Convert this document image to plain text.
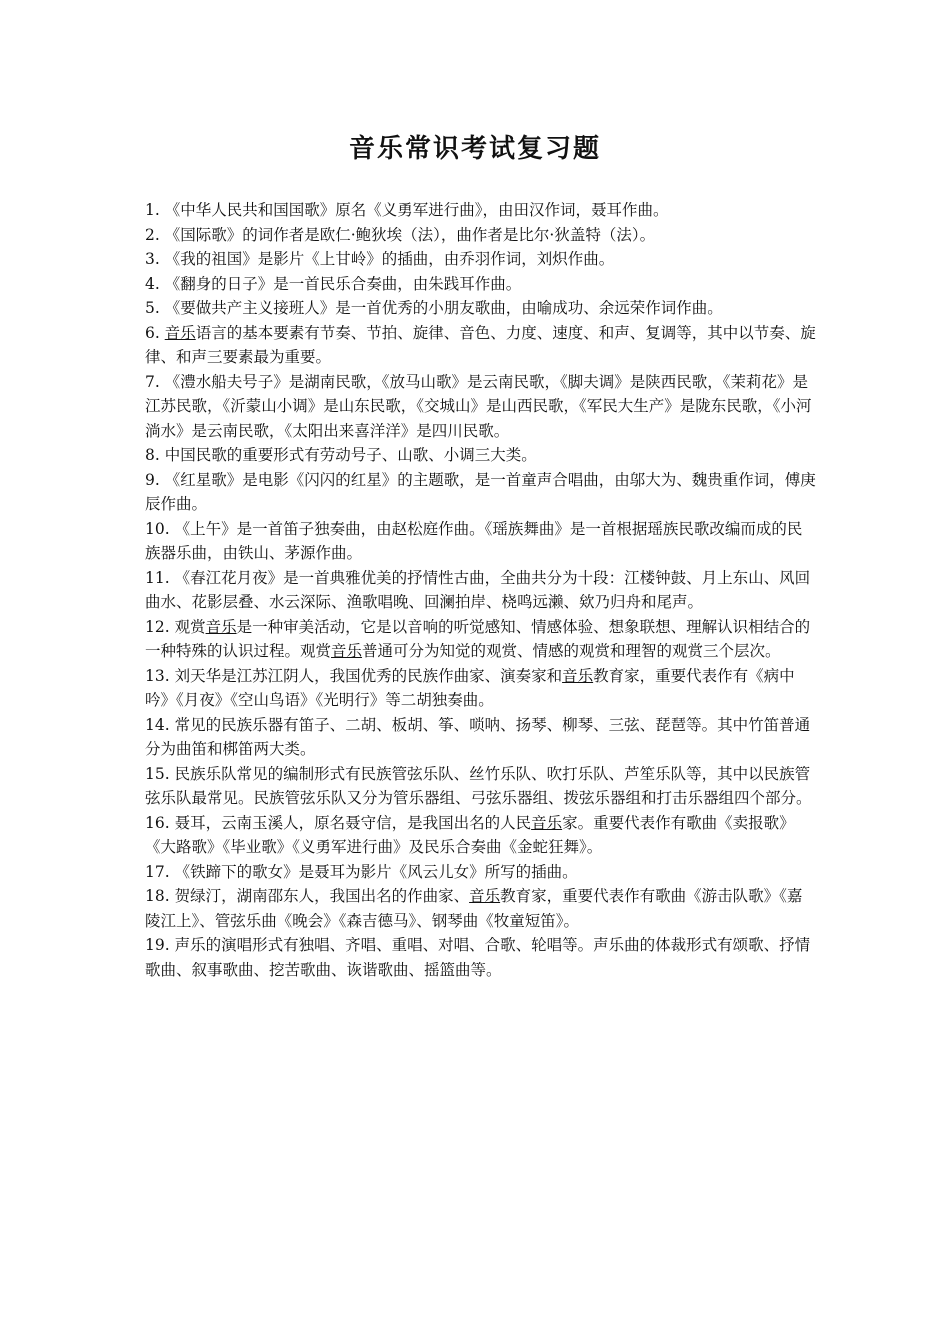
音乐常识考试复习题

1. 《中华人民共和国国歌》原名《义勇军进行曲》，由田汉作词，聂耳作曲。

2. 《国际歌》的词作者是欧仁·鲍狄埃（法），曲作者是比尔·狄盖特（法）。

3. 《我的祖国》是影片《上甘岭》的插曲，由乔羽作词，刘炽作曲。

4. 《翻身的日子》是一首民乐合奏曲，由朱践耳作曲。

5. 《要做共产主义接班人》是一首优秀的小朋友歌曲，由喻成功、余远荣作词作曲。

6. 音乐语言的基本要素有节奏、节拍、旋律、音色、力度、速度、和声、复调等，其中以节奏、旋律、和声三要素最为重要。

7. 《澧水船夫号子》是湖南民歌，《放马山歌》是云南民歌，《脚夫调》是陕西民歌，《茉莉花》是江苏民歌，《沂蒙山小调》是山东民歌，《交城山》是山西民歌，《军民大生产》是陇东民歌，《小河淌水》是云南民歌，《太阳出来喜洋洋》是四川民歌。

8. 中国民歌的重要形式有劳动号子、山歌、小调三大类。

9. 《红星歌》是电影《闪闪的红星》的主题歌，是一首童声合唱曲，由邬大为、魏贵重作词，傅庚辰作曲。

10. 《上午》是一首笛子独奏曲，由赵松庭作曲。《瑶族舞曲》是一首根据瑶族民歌改编而成的民族器乐曲，由铁山、茅源作曲。

11. 《春江花月夜》是一首典雅优美的抒情性古曲，全曲共分为十段：江楼钟鼓、月上东山、风回曲水、花影层叠、水云深际、渔歌唱晚、回澜拍岸、桡鸣远濑、欸乃归舟和尾声。

12. 观赏音乐是一种审美活动，它是以音响的听觉感知、情感体验、想象联想、理解认识相结合的一种特殊的认识过程。观赏音乐普通可分为知觉的观赏、情感的观赏和理智的观赏三个层次。

13. 刘天华是江苏江阴人，我国优秀的民族作曲家、演奏家和音乐教育家，重要代表作有《病中吟》《月夜》《空山鸟语》《光明行》等二胡独奏曲。

14. 常见的民族乐器有笛子、二胡、板胡、筝、唢呐、扬琴、柳琴、三弦、琵琶等。其中竹笛普通分为曲笛和梆笛两大类。

15. 民族乐队常见的编制形式有民族管弦乐队、丝竹乐队、吹打乐队、芦笙乐队等，其中以民族管弦乐队最常见。民族管弦乐队又分为管乐器组、弓弦乐器组、拨弦乐器组和打击乐器组四个部分。

16. 聂耳，云南玉溪人，原名聂守信，是我国出名的人民音乐家。重要代表作有歌曲《卖报歌》《大路歌》《毕业歌》《义勇军进行曲》及民乐合奏曲《金蛇狂舞》。

17. 《铁蹄下的歌女》是聂耳为影片《风云儿女》所写的插曲。

18. 贺绿汀，湖南邵东人，我国出名的作曲家、音乐教育家，重要代表作有歌曲《游击队歌》《嘉陵江上》、管弦乐曲《晚会》《森吉德马》、钢琴曲《牧童短笛》。

19. 声乐的演唱形式有独唱、齐唱、重唱、对唱、合歌、轮唱等。声乐曲的体裁形式有颂歌、抒情歌曲、叙事歌曲、挖苦歌曲、诙谐歌曲、摇篮曲等。
